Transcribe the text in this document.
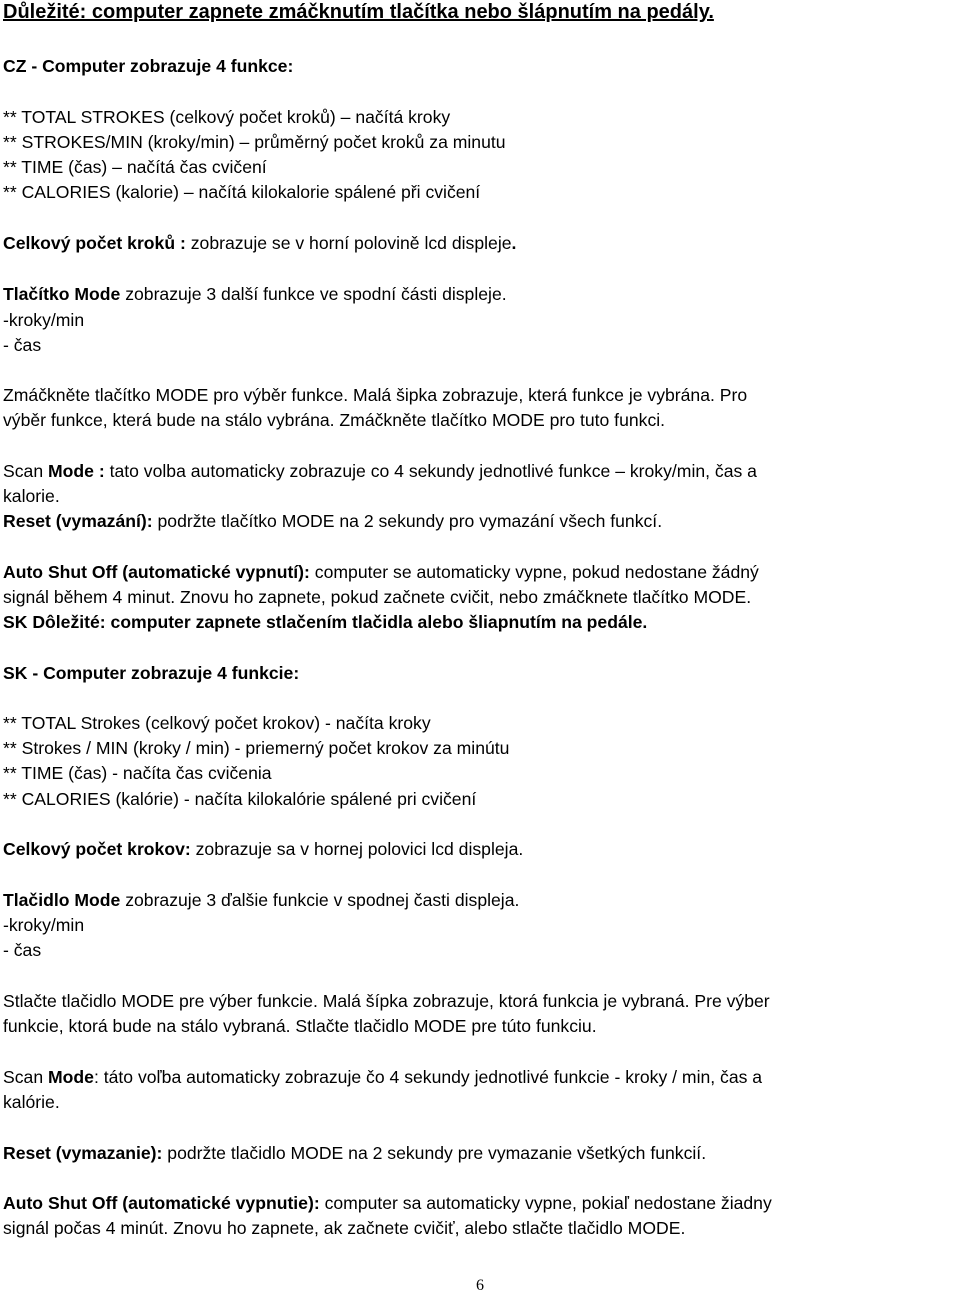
Důležité: computer zapnete zmáčknutím tlačítka nebo šlápnutím na pedály.
CZ - Computer zobrazuje 4 funkce:
** TOTAL STROKES (celkový počet kroků) – načítá kroky
** STROKES/MIN (kroky/min) – průměrný počet kroků za minutu
** TIME (čas) – načítá čas cvičení
** CALORIES (kalorie) – načítá kilokalorie spálené při cvičení
Celkový počet kroků : zobrazuje se v horní polovině lcd displeje.
Tlačítko Mode zobrazuje 3 další funkce ve spodní části displeje.
-kroky/min
- čas
Zmáčkněte tlačítko MODE pro výběr funkce. Malá šipka zobrazuje, která funkce je vybrána. Pro
výběr funkce, která bude na stálo vybrána. Zmáčkněte tlačítko MODE pro tuto funkci.
Scan Mode : tato volba automaticky zobrazuje co 4 sekundy jednotlivé funkce – kroky/min, čas a
kalorie.
Reset (vymazání): podržte tlačítko MODE na 2 sekundy pro vymazání všech funkcí.
Auto Shut Off (automatické vypnutí): computer se automaticky vypne, pokud nedostane žádný
signál během 4 minut. Znovu ho zapnete, pokud začnete cvičit, nebo zmáčknete tlačítko MODE.
SK Dôležité: computer zapnete stlačením tlačidla alebo šliapnutím na pedále.
SK - Computer zobrazuje 4 funkcie:
** TOTAL Strokes (celkový počet krokov) - načíta kroky
** Strokes / MIN (kroky / min) - priemerný počet krokov za minútu
** TIME (čas) - načíta čas cvičenia
** CALORIES (kalórie) - načíta kilokalórie spálené pri cvičení
Celkový počet krokov: zobrazuje sa v hornej polovici lcd displeja.
Tlačidlo Mode zobrazuje 3 ďalšie funkcie v spodnej časti displeja.
-kroky/min
- čas
Stlačte tlačidlo MODE pre výber funkcie. Malá šípka zobrazuje, ktorá funkcia je vybraná. Pre výber
funkcie, ktorá bude na stálo vybraná. Stlačte tlačidlo MODE pre túto funkciu.
Scan Mode: táto voľba automaticky zobrazuje čo 4 sekundy jednotlivé funkcie - kroky / min, čas a
kalórie.
Reset (vymazanie): podržte tlačidlo MODE na 2 sekundy pre vymazanie všetkých funkcií.
Auto Shut Off (automatické vypnutie): computer sa automaticky vypne, pokiaľ nedostane žiadny
signál počas 4 minút. Znovu ho zapnete, ak začnete cvičiť, alebo stlačte tlačidlo MODE.
6
